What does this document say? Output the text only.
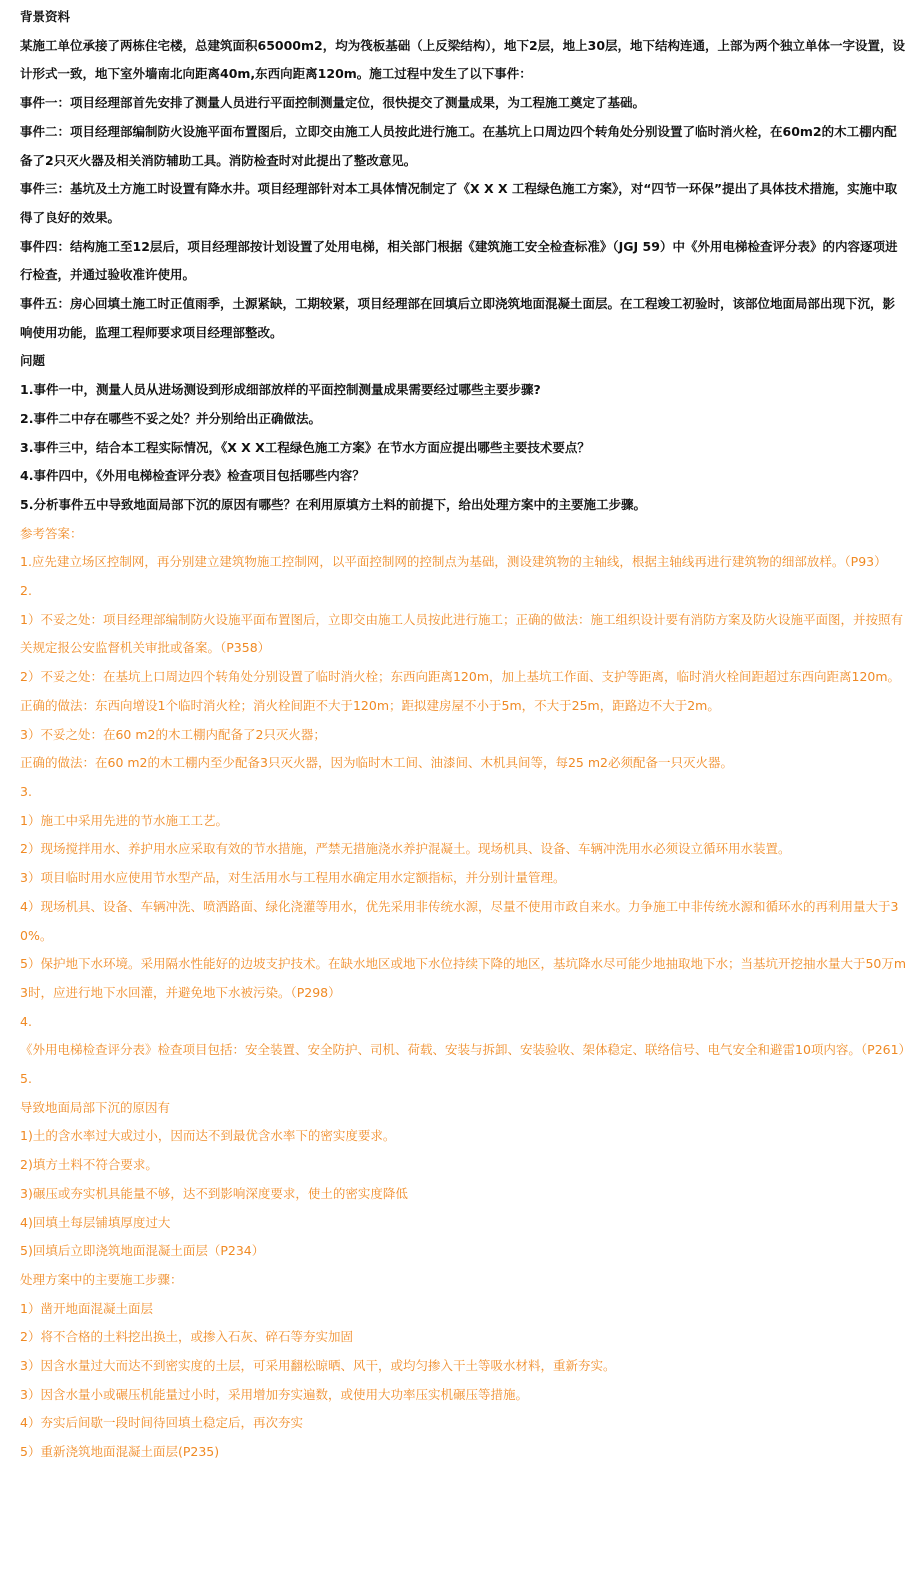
背景资料

某施工单位承接了两栋住宅楼，总建筑面积65000m2，均为筏板基础（上反梁结构），地下2层，地上30层，地下结构连通，上部为两个独立单体一字设置，设计形式一致，地下室外墙南北向距离40m,东西向距离120m。施工过程中发生了以下事件：

事件一：项目经理部首先安排了测量人员进行平面控制测量定位，很快提交了测量成果，为工程施工奠定了基础。

事件二：项目经理部编制防火设施平面布置图后，立即交由施工人员按此进行施工。在基坑上口周边四个转角处分别设置了临时消火栓，在60m2的木工棚内配备了2只灭火器及相关消防辅助工具。消防检查时对此提出了整改意见。

事件三：基坑及土方施工时设置有降水井。项目经理部针对本工具体情况制定了《X X X 工程绿色施工方案》，对“四节一环保”提出了具体技术措施，实施中取得了良好的效果。

事件四：结构施工至12层后，项目经理部按计划设置了处用电梯，相关部门根据《建筑施工安全检查标准》（JGJ 59）中《外用电梯检查评分表》的内容逐项进行检查，并通过验收准许使用。

事件五：房心回填土施工时正值雨季，土源紧缺，工期较紧，项目经理部在回填后立即浇筑地面混凝土面层。在工程竣工初验时，该部位地面局部出现下沉，影响使用功能，监理工程师要求项目经理部整改。

问题

1.事件一中，测量人员从进场测设到形成细部放样的平面控制测量成果需要经过哪些主要步骤?

2.事件二中存在哪些不妥之处？并分别给出正确做法。

3.事件三中，结合本工程实际情况，《X X X工程绿色施工方案》在节水方面应提出哪些主要技术要点？

4.事件四中，《外用电梯检查评分表》检查项目包括哪些内容？

5.分析事件五中导致地面局部下沉的原因有哪些？在利用原填方土料的前提下，给出处理方案中的主要施工步骤。

参考答案：

1.应先建立场区控制网，再分别建立建筑物施工控制网，以平面控制网的控制点为基础，测设建筑物的主轴线，根据主轴线再进行建筑物的细部放样。（P93）

2.

1）不妥之处：项目经理部编制防火设施平面布置图后，立即交由施工人员按此进行施工；正确的做法：施工组织设计要有消防方案及防火设施平面图，并按照有关规定报公安监督机关审批或备案。（P358）

2）不妥之处：在基坑上口周边四个转角处分别设置了临时消火栓；东西向距离120m，加上基坑工作面、支护等距离，临时消火栓间距超过东西向距离120m。

正确的做法：东西向增设1个临时消火栓；消火栓间距不大于120m；距拟建房屋不小于5m，不大于25m，距路边不大于2m。

3）不妥之处：在60 m2的木工棚内配备了2只灭火器；

正确的做法：在60 m2的木工棚内至少配备3只灭火器，因为临时木工间、油漆间、木机具间等，每25 m2必须配备一只灭火器。

3.

1）施工中采用先进的节水施工工艺。

2）现场搅拌用水、养护用水应采取有效的节水措施，严禁无措施浇水养护混凝土。现场机具、设备、车辆冲洗用水必须设立循环用水装置。

3）项目临时用水应使用节水型产品，对生活用水与工程用水确定用水定额指标，并分别计量管理。

4）现场机具、设备、车辆冲洗、喷洒路面、绿化浇灌等用水，优先采用非传统水源，尽量不使用市政自来水。力争施工中非传统水源和循环水的再利用量大于30%。

5）保护地下水环境。采用隔水性能好的边坡支护技术。在缺水地区或地下水位持续下降的地区，基坑降水尽可能少地抽取地下水；当基坑开挖抽水量大于50万m3时，应进行地下水回灌，并避免地下水被污染。（P298）

4.

《外用电梯检查评分表》检查项目包括：安全装置、安全防护、司机、荷载、安装与拆卸、安装验收、架体稳定、联络信号、电气安全和避雷10项内容。（P261）

5.

导致地面局部下沉的原因有

1)土的含水率过大或过小，因而达不到最优含水率下的密实度要求。

2)填方土料不符合要求。

3)碾压或夯实机具能量不够，达不到影响深度要求，使土的密实度降低

4)回填土每层铺填厚度过大

5)回填后立即浇筑地面混凝土面层（P234）

处理方案中的主要施工步骤：

1）凿开地面混凝土面层

2）将不合格的土料挖出换土，或掺入石灰、碎石等夯实加固

3）因含水量过大而达不到密实度的土层，可采用翻松晾晒、风干，或均匀掺入干土等吸水材料，重新夯实。

3）因含水量小或碾压机能量过小时，采用增加夯实遍数，或使用大功率压实机碾压等措施。

4）夯实后间歇一段时间待回填土稳定后，再次夯实

5）重新浇筑地面混凝土面层(P235)
